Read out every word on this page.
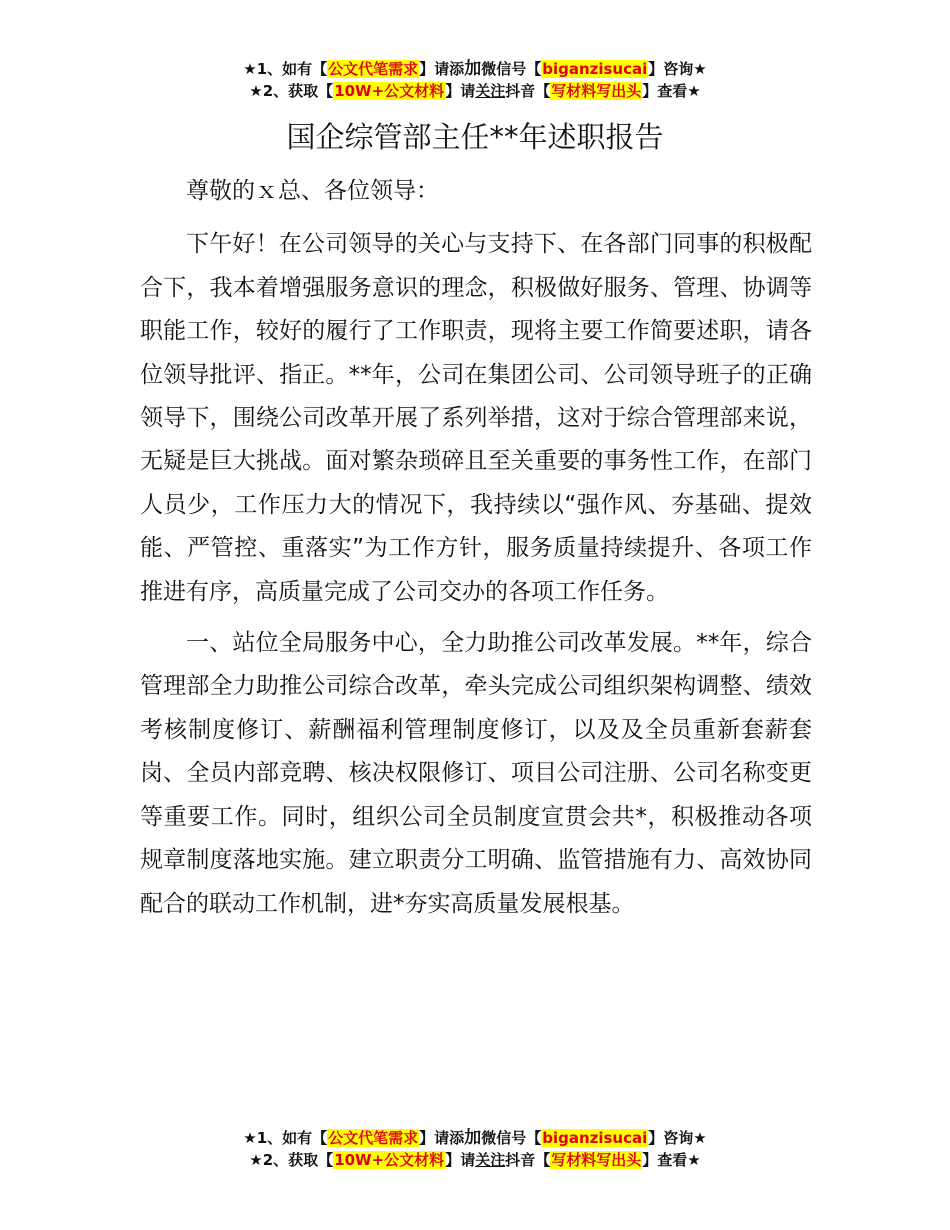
★1、如有【公文代笔需求】请添加微信号【biganzisucai】咨询★
★2、获取【10W+公文材料】请关注抖音【写材料写出头】查看★
国企综管部主任**年述职报告

尊敬的ｘ总、各位领导：

下午好！在公司领导的关心与支持下、在各部门同事的积极配合下，我本着增强服务意识的理念，积极做好服务、管理、协调等职能工作，较好的履行了工作职责，现将主要工作简要述职，请各位领导批评、指正。**年，公司在集团公司、公司领导班子的正确领导下，围绕公司改革开展了系列举措，这对于综合管理部来说，无疑是巨大挑战。面对繁杂琐碎且至关重要的事务性工作，在部门人员少，工作压力大的情况下，我持续以“强作风、夯基础、提效能、严管控、重落实”为工作方针，服务质量持续提升、各项工作推进有序，高质量完成了公司交办的各项工作任务。

一、站位全局服务中心，全力助推公司改革发展。**年，综合管理部全力助推公司综合改革，牵头完成公司组织架构调整、绩效考核制度修订、薪酬福利管理制度修订，以及及全员重新套薪套岗、全员内部竞聘、核决权限修订、项目公司注册、公司名称变更等重要工作。同时，组织公司全员制度宣贯会共*，积极推动各项规章制度落地实施。建立职责分工明确、监管措施有力、高效协同配合的联动工作机制，进*夯实高质量发展根基。

★1、如有【公文代笔需求】请添加微信号【biganzisucai】咨询★
★2、获取【10W+公文材料】请关注抖音【写材料写出头】查看★
